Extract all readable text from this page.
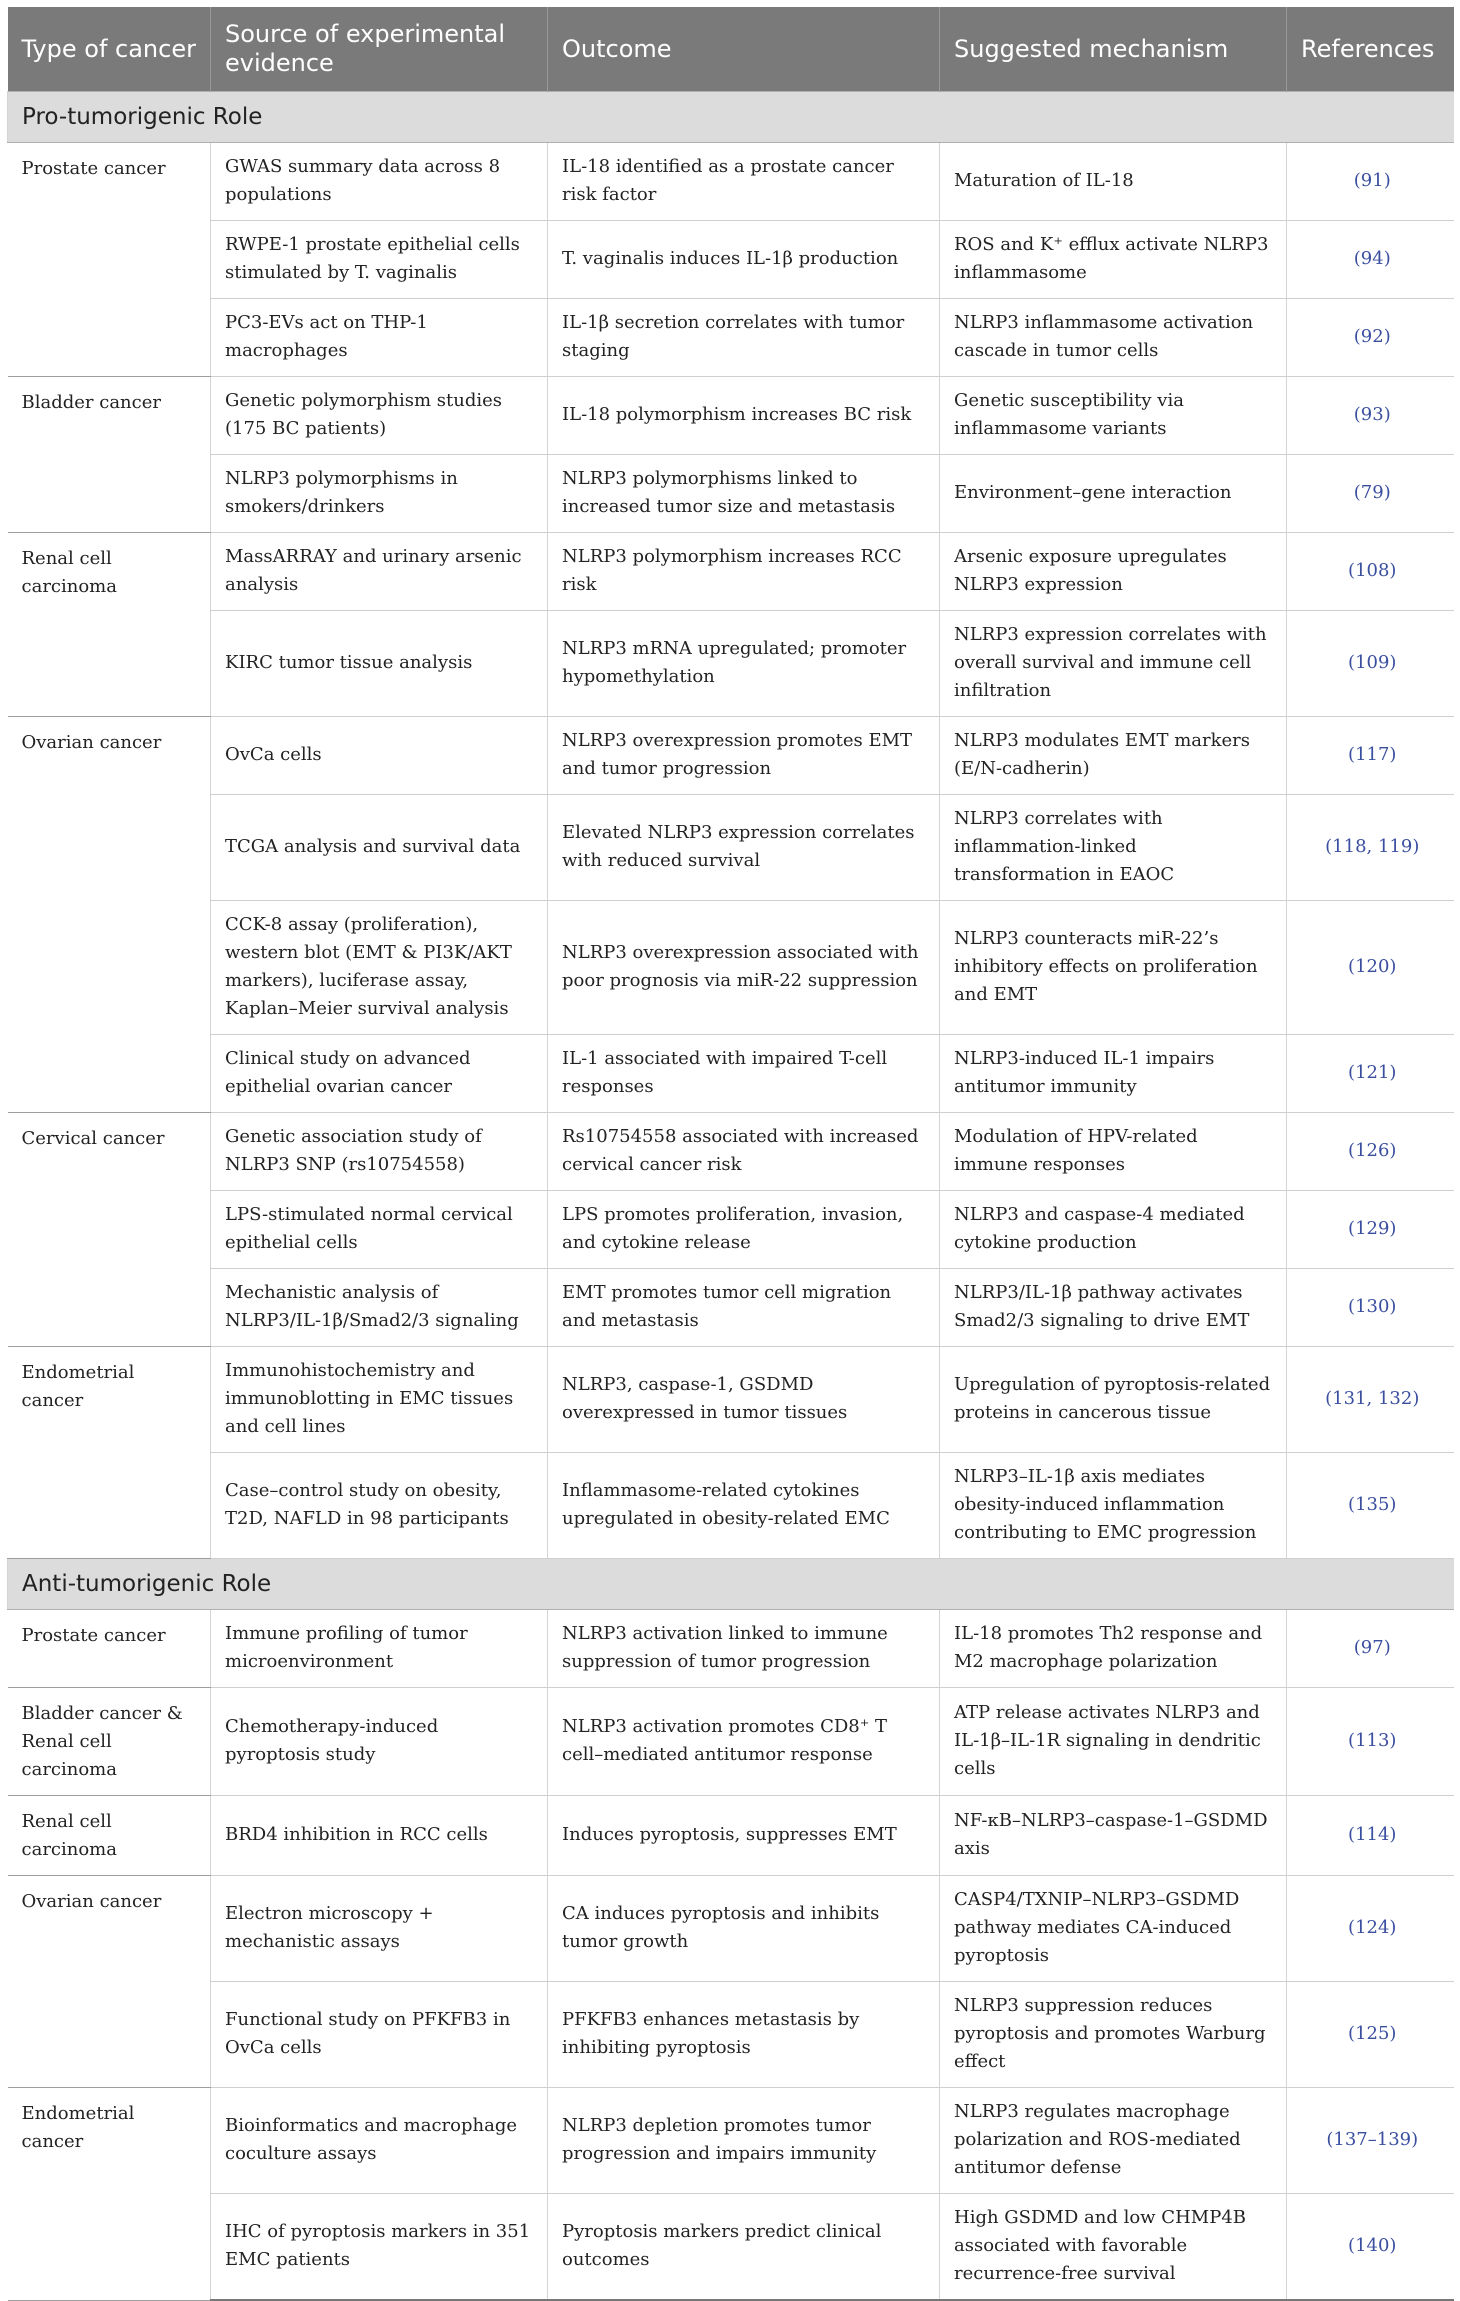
Type of cancer	Source of experimental evidence	Outcome	Suggested mechanism	References
Pro-tumorigenic Role				
Prostate cancer	GWAS summary data across 8 populations	IL-18 identified as a prostate cancer risk factor	Maturation of IL-18	(91)
	RWPE-1 prostate epithelial cells stimulated by T. vaginalis	T. vaginalis induces IL-1β production	ROS and K⁺ efflux activate NLRP3 inflammasome	(94)
	PC3-EVs act on THP-1 macrophages	IL-1β secretion correlates with tumor staging	NLRP3 inflammasome activation cascade in tumor cells	(92)
Bladder cancer	Genetic polymorphism studies (175 BC patients)	IL-18 polymorphism increases BC risk	Genetic susceptibility via inflammasome variants	(93)
	NLRP3 polymorphisms in smokers/drinkers	NLRP3 polymorphisms linked to increased tumor size and metastasis	Environment–gene interaction	(79)
Renal cell carcinoma	MassARRAY and urinary arsenic analysis	NLRP3 polymorphism increases RCC risk	Arsenic exposure upregulates NLRP3 expression	(108)
	KIRC tumor tissue analysis	NLRP3 mRNA upregulated; promoter hypomethylation	NLRP3 expression correlates with overall survival and immune cell infiltration	(109)
Ovarian cancer	OvCa cells	NLRP3 overexpression promotes EMT and tumor progression	NLRP3 modulates EMT markers (E/N-cadherin)	(117)
	TCGA analysis and survival data	Elevated NLRP3 expression correlates with reduced survival	NLRP3 correlates with inflammation-linked transformation in EAOC	(118, 119)
	CCK-8 assay (proliferation), western blot (EMT & PI3K/AKT markers), luciferase assay, Kaplan–Meier survival analysis	NLRP3 overexpression associated with poor prognosis via miR-22 suppression	NLRP3 counteracts miR-22’s inhibitory effects on proliferation and EMT	(120)
	Clinical study on advanced epithelial ovarian cancer	IL-1 associated with impaired T-cell responses	NLRP3-induced IL-1 impairs antitumor immunity	(121)
Cervical cancer	Genetic association study of NLRP3 SNP (rs10754558)	Rs10754558 associated with increased cervical cancer risk	Modulation of HPV-related immune responses	(126)
	LPS-stimulated normal cervical epithelial cells	LPS promotes proliferation, invasion, and cytokine release	NLRP3 and caspase-4 mediated cytokine production	(129)
	Mechanistic analysis of NLRP3/IL-1β/Smad2/3 signaling	EMT promotes tumor cell migration and metastasis	NLRP3/IL-1β pathway activates Smad2/3 signaling to drive EMT	(130)
Endometrial cancer	Immunohistochemistry and immunoblotting in EMC tissues and cell lines	NLRP3, caspase-1, GSDMD overexpressed in tumor tissues	Upregulation of pyroptosis-related proteins in cancerous tissue	(131, 132)
	Case–control study on obesity, T2D, NAFLD in 98 participants	Inflammasome-related cytokines upregulated in obesity-related EMC	NLRP3–IL-1β axis mediates obesity-induced inflammation contributing to EMC progression	(135)
Anti-tumorigenic Role				
Prostate cancer	Immune profiling of tumor microenvironment	NLRP3 activation linked to immune suppression of tumor progression	IL-18 promotes Th2 response and M2 macrophage polarization	(97)
Bladder cancer & Renal cell carcinoma	Chemotherapy-induced pyroptosis study	NLRP3 activation promotes CD8⁺ T cell–mediated antitumor response	ATP release activates NLRP3 and IL-1β–IL-1R signaling in dendritic cells	(113)
Renal cell carcinoma	BRD4 inhibition in RCC cells	Induces pyroptosis, suppresses EMT	NF-κB–NLRP3–caspase-1–GSDMD axis	(114)
Ovarian cancer	Electron microscopy + mechanistic assays	CA induces pyroptosis and inhibits tumor growth	CASP4/TXNIP–NLRP3–GSDMD pathway mediates CA-induced pyroptosis	(124)
	Functional study on PFKFB3 in OvCa cells	PFKFB3 enhances metastasis by inhibiting pyroptosis	NLRP3 suppression reduces pyroptosis and promotes Warburg effect	(125)
Endometrial cancer	Bioinformatics and macrophage coculture assays	NLRP3 depletion promotes tumor progression and impairs immunity	NLRP3 regulates macrophage polarization and ROS-mediated antitumor defense	(137–139)
	IHC of pyroptosis markers in 351 EMC patients	Pyroptosis markers predict clinical outcomes	High GSDMD and low CHMP4B associated with favorable recurrence-free survival	(140)
